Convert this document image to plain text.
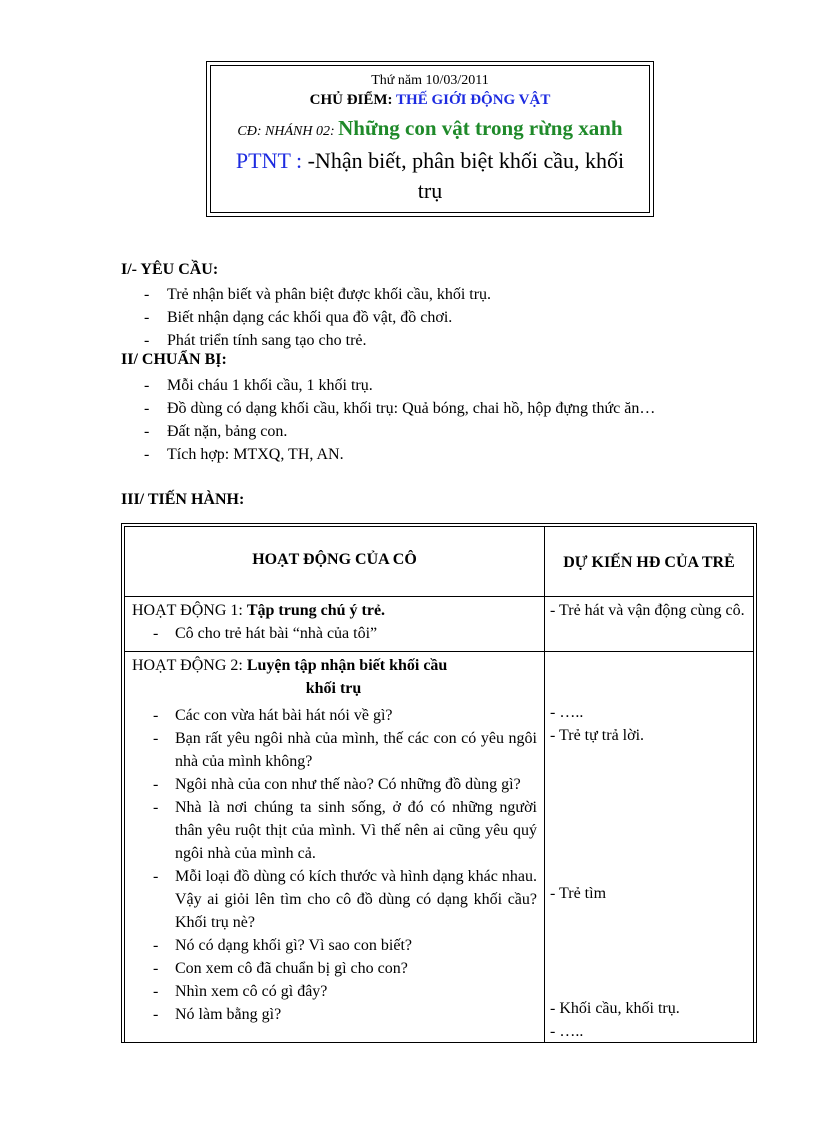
Thứ năm 10/03/2011
CHỦ ĐIỂM: THẾ GIỚI ĐỘNG VẬT
CĐ: NHÁNH 02: Những con vật trong rừng xanh
PTNT : -Nhận biết, phân biệt khối cầu, khối trụ
I/- YÊU CẦU:
- Trẻ nhận biết và phân biệt được khối cầu, khối trụ.
- Biết nhận dạng các khối qua đồ vật, đồ chơi.
- Phát triển tính sang tạo cho trẻ.
II/ CHUẨN BỊ:
- Mỗi cháu 1 khối cầu, 1 khối trụ.
- Đồ dùng có dạng khối cầu, khối trụ: Quả bóng, chai hồ, hộp đựng thức ăn…
- Đất nặn, bảng con.
- Tích hợp: MTXQ, TH, AN.
III/ TIẾN HÀNH:
HOẠT ĐỘNG CỦA CÔ	DỰ KIẾN HĐ CỦA TRẺ
HOẠT ĐỘNG 1: Tập trung chú ý trẻ.
- Cô cho trẻ hát bài “nhà của tôi”
- Trẻ hát và vận động cùng cô.
HOẠT ĐỘNG 2: Luyện tập nhận biết khối cầu
khối trụ
- Các con vừa hát bài hát nói về gì?
- Bạn rất yêu ngôi nhà của mình, thế các con có yêu ngôi nhà của mình không?
- Ngôi nhà của con như thế nào? Có những đồ dùng gì?
- Nhà là nơi chúng ta sinh sống, ở đó có những người thân yêu ruột thịt của mình. Vì thế nên ai cũng yêu quý ngôi nhà của mình cả.
- Mỗi loại đồ dùng có kích thước và hình dạng khác nhau. Vậy ai giỏi lên tìm cho cô đồ dùng có dạng khối cầu? Khối trụ nè?
- Nó có dạng khối gì? Vì sao con biết?
- Con xem cô đã chuẩn bị gì cho con?
- Nhìn xem cô có gì đây?
- Nó làm bằng gì?
- …..
- Trẻ tự trả lời.
- Trẻ tìm
- Khối cầu, khối trụ.
- …..
